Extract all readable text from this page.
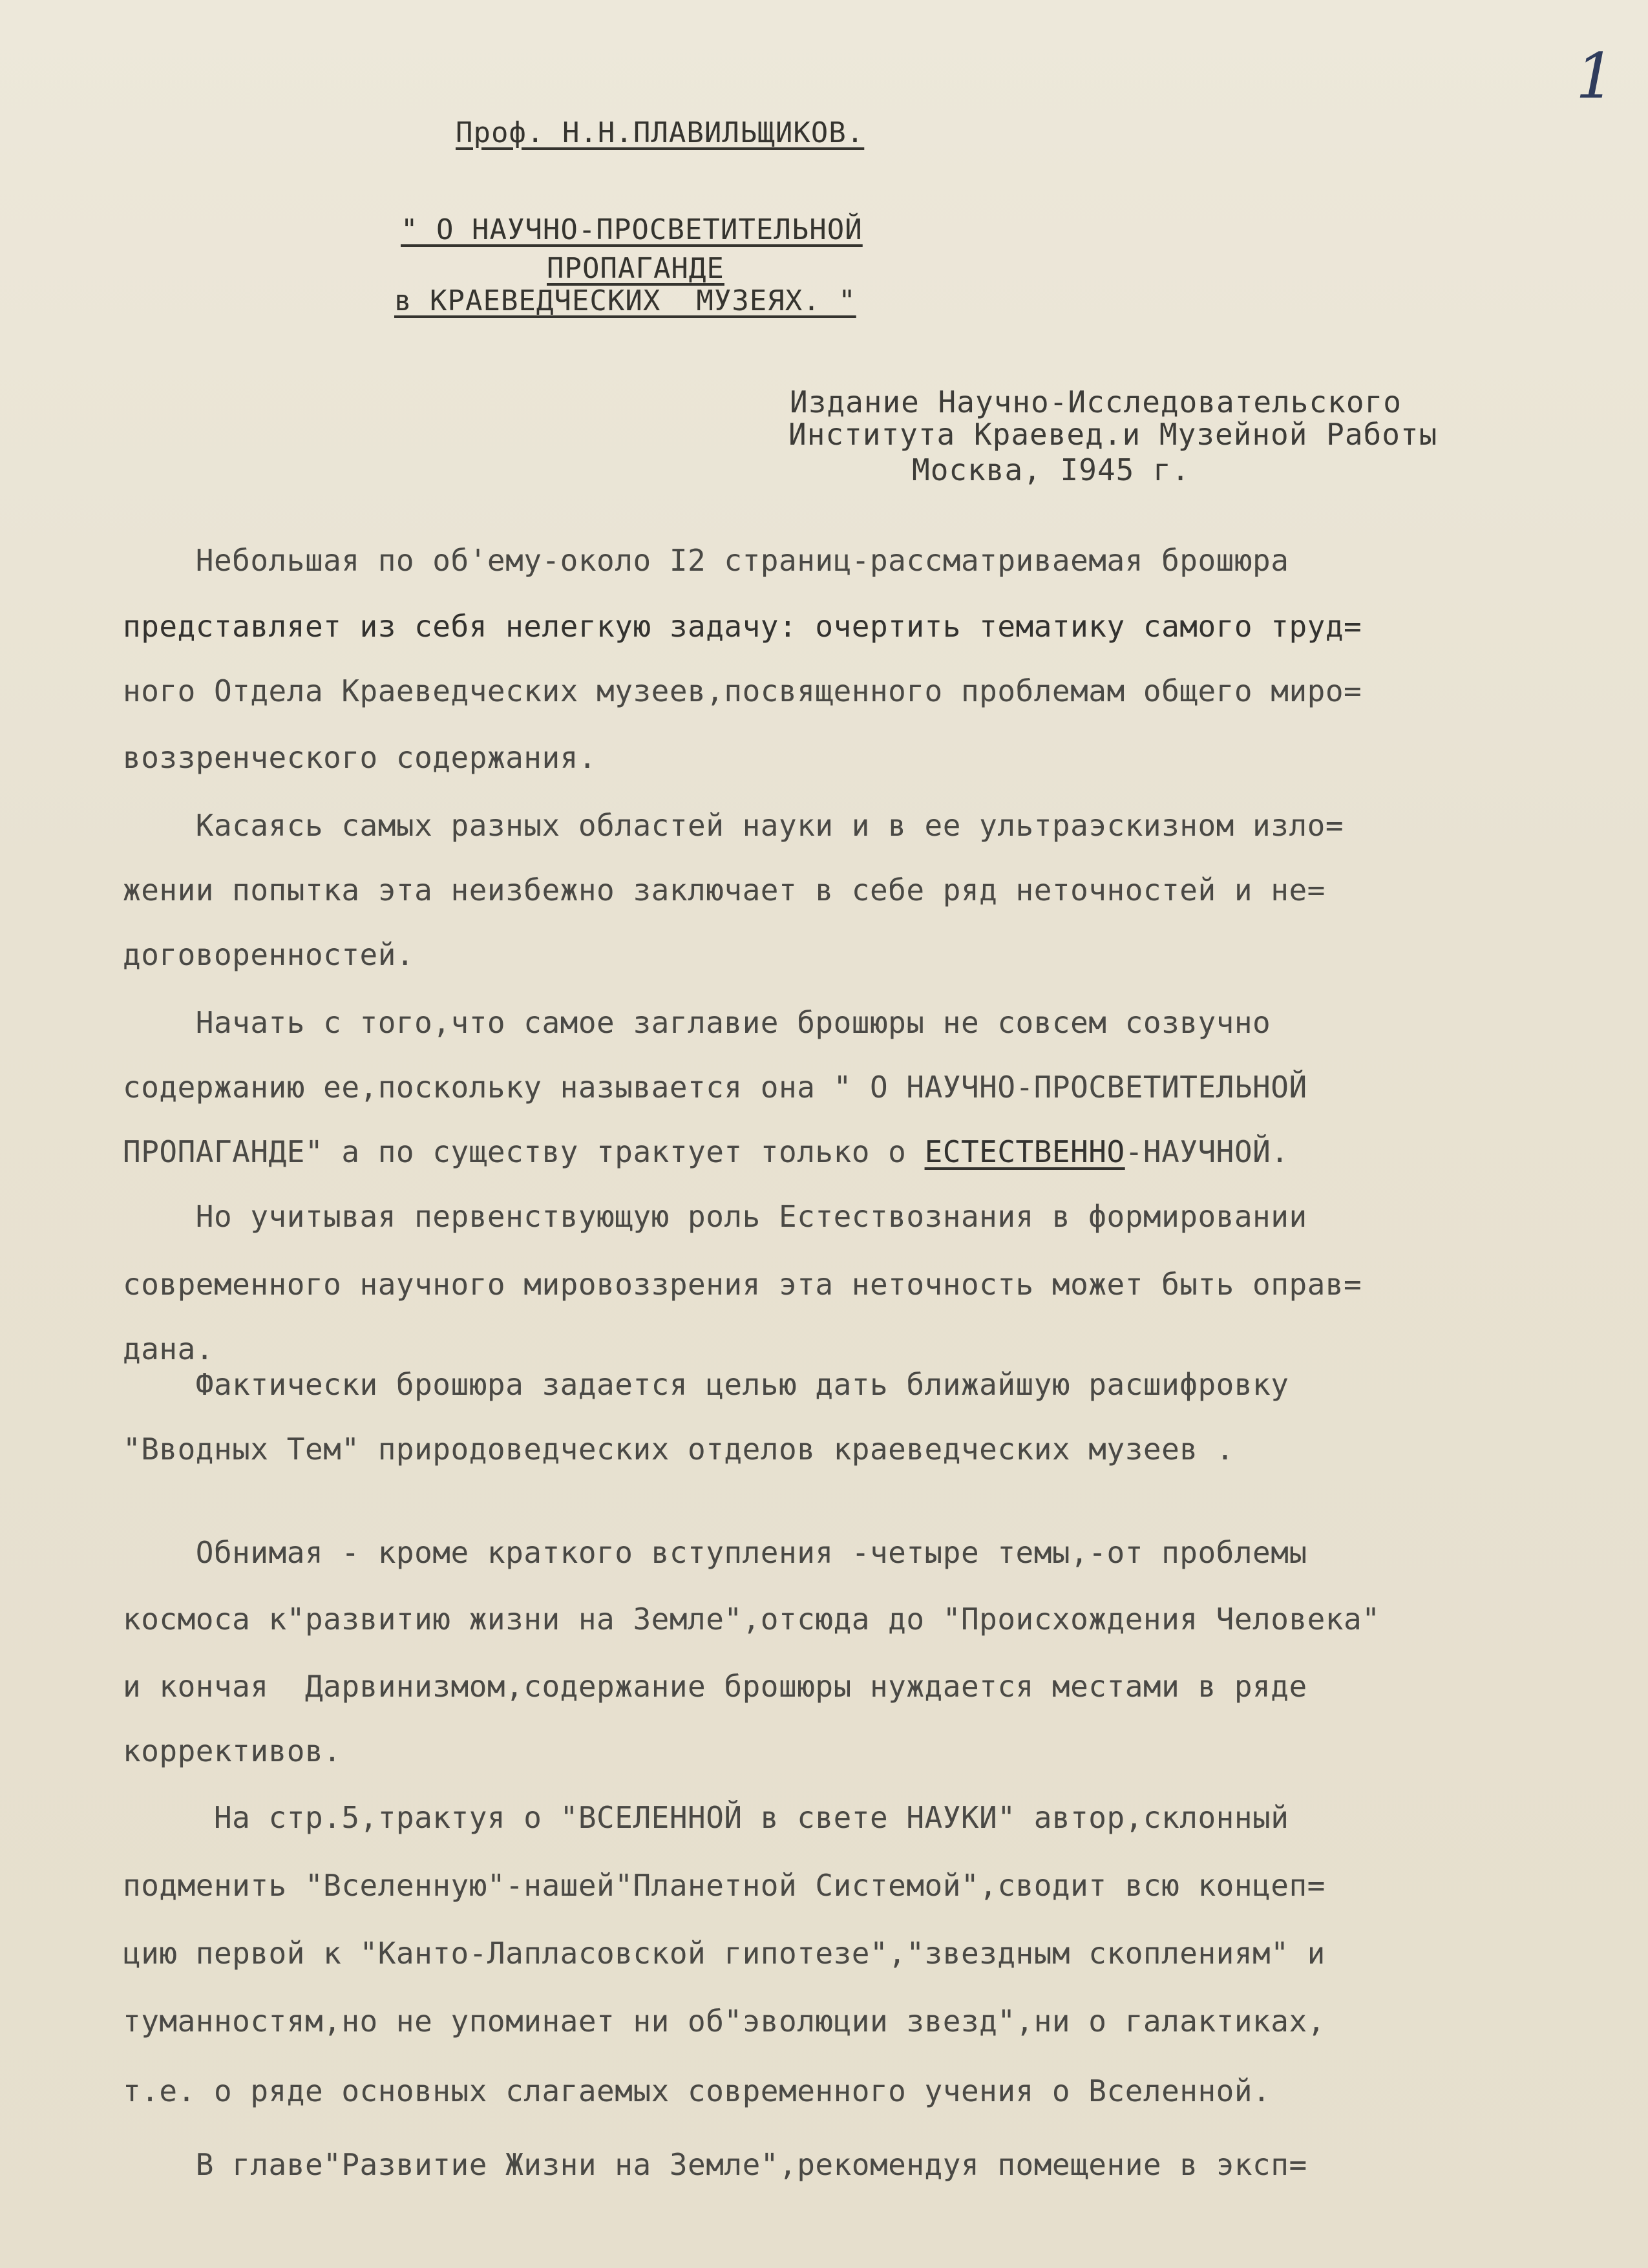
1
Проф. Н.Н.ПЛАВИЛЬЩИКОВ.
" О НАУЧНО-ПРОСВЕТИТЕЛЬНОЙ
ПРОПАГАНДЕ
в КРАЕВЕДЧЕСКИХ  МУЗЕЯХ. "
Издание Научно-Исследовательского
Института Краевед.и Музейной Работы
Москва, I945 г.
Небольшая по об'ему-около I2 страниц-рассматриваемая брошюра
представляет из себя нелегкую задачу: очертить тематику самого труд=
ного Отдела Краеведческих музеев,посвященного проблемам общего миро=
воззренческого содержания.
Касаясь самых разных областей науки и в ее ультраэскизном изло=
жении попытка эта неизбежно заключает в себе ряд неточностей и не=
договоренностей.
Начать с того,что самое заглавие брошюры не совсем созвучно
содержанию ее,поскольку называется она " О НАУЧНО-ПРОСВЕТИТЕЛЬНОЙ
ПРОПАГАНДЕ" а по существу трактует только о ЕСТЕСТВЕННО-НАУЧНОЙ.
Но учитывая первенствующую роль Естествознания в формировании
современного научного мировоззрения эта неточность может быть оправ=
дана.
Фактически брошюра задается целью дать ближайшую расшифровку
"Вводных Тем" природоведческих отделов краеведческих музеев .
Обнимая - кроме краткого вступления -четыре темы,-от проблемы
космоса к"развитию жизни на Земле",отсюда до "Происхождения Человека"
и кончая  Дарвинизмом,содержание брошюры нуждается местами в ряде
коррективов.
На стр.5,трактуя о "ВСЕЛЕННОЙ в свете НАУКИ" автор,склонный
подменить "Вселенную"-нашей"Планетной Системой",сводит всю концеп=
цию первой к "Канто-Лапласовской гипотезе","звездным скоплениям" и
туманностям,но не упоминает ни об"эволюции звезд",ни о галактиках,
т.е. о ряде основных слагаемых современного учения о Вселенной.
В главе"Развитие Жизни на Земле",рекомендуя помещение в эксп=
